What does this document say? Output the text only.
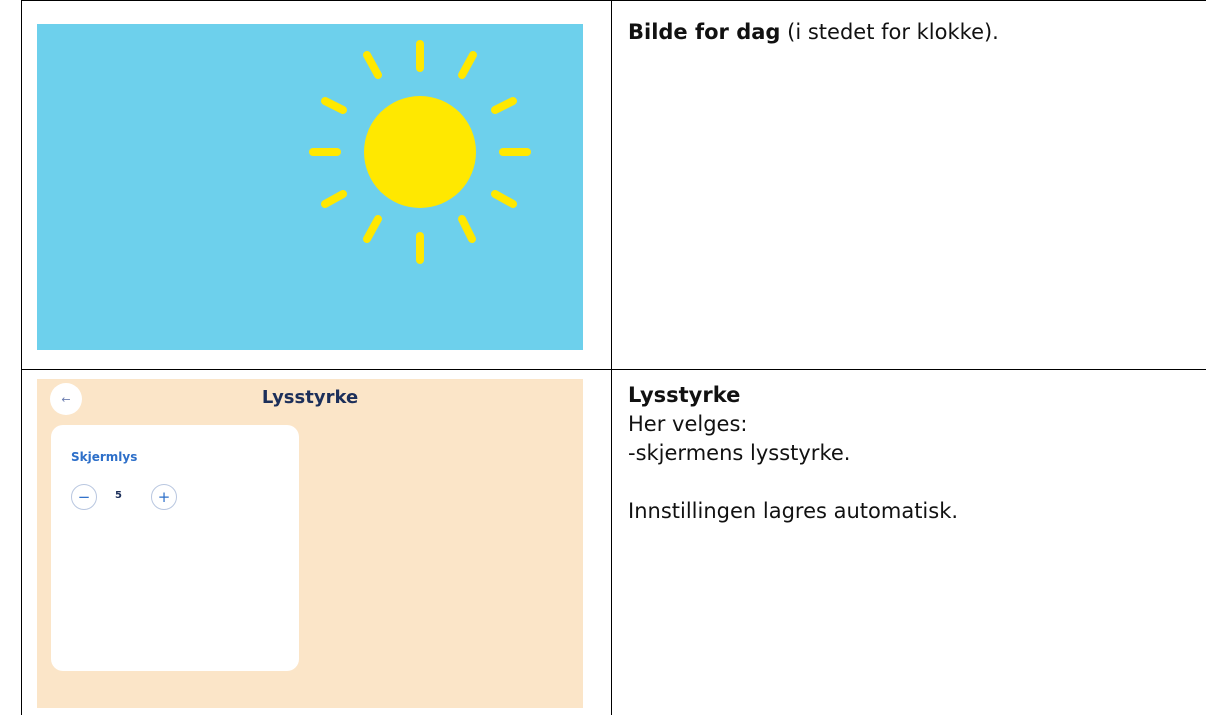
Bilde for dag (i stedet for klokke).
←	Lysstyrke
Skjermlys
− 5 +
Lysstyrke
Her velges:
-skjermens lysstyrke.
Innstillingen lagres automatisk.
